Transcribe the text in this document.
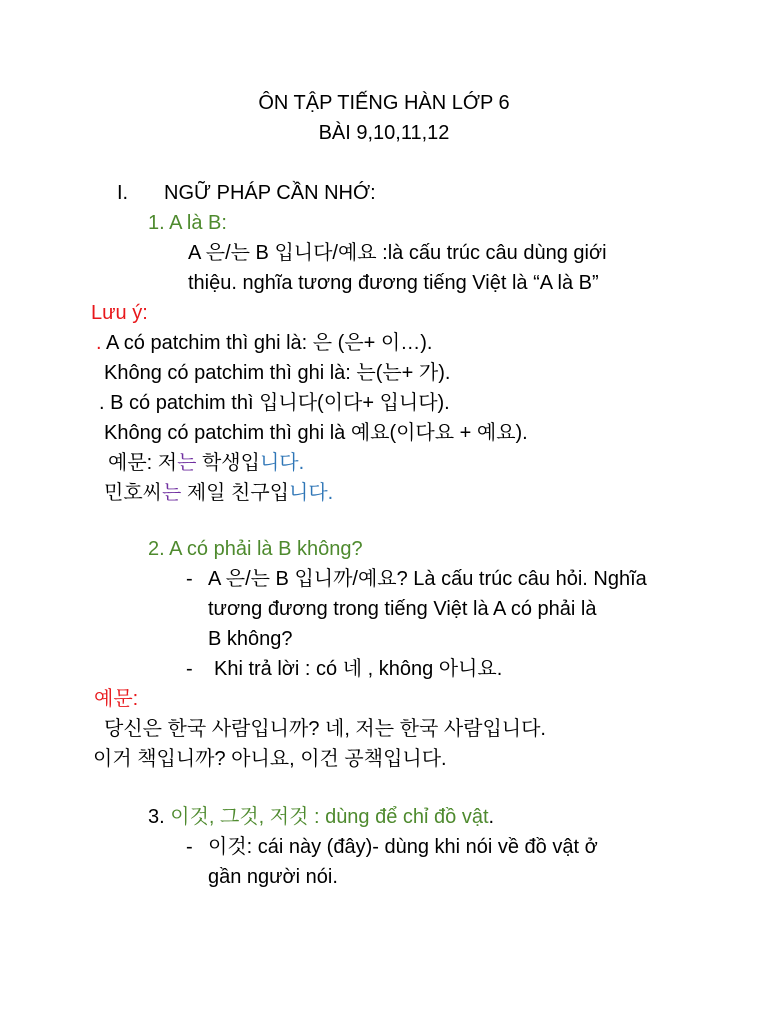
ÔN TẬP TIẾNG HÀN LỚP 6
BÀI 9,10,11,12
I. NGỮ PHÁP CẦN NHỚ:
1. A là B:
A 은/는 B 입니다/예요 :là cấu trúc câu dùng giới
thiệu. nghĩa tương đương tiếng Việt là “A là B”
Lưu ý:
. A có patchim thì ghi là: 은 (은+ 이…).
Không có patchim thì ghi là: 는(는+ 가).
. B có patchim thì 입니다(이다+ 입니다).
Không có patchim thì ghi là 예요(이다요 + 예요).
예문: 저는 학생입니다.
민호씨는 제일 친구입니다.
2. A có phải là B không?
- A 은/는 B 입니까/예요? Là cấu trúc câu hỏi. Nghĩa
tương đương trong tiếng Việt là A có phải là
B không?
- Khi trả lời : có 네 , không 아니요.
예문:
당신은 한국 사람입니까? 네, 저는 한국 사람입니다.
이거 책입니까? 아니요, 이건 공책입니다.
3. 이것, 그것, 저것 : dùng để chỉ đồ vật.
- 이것: cái này (đây)- dùng khi nói về đồ vật ở
gần người nói.
